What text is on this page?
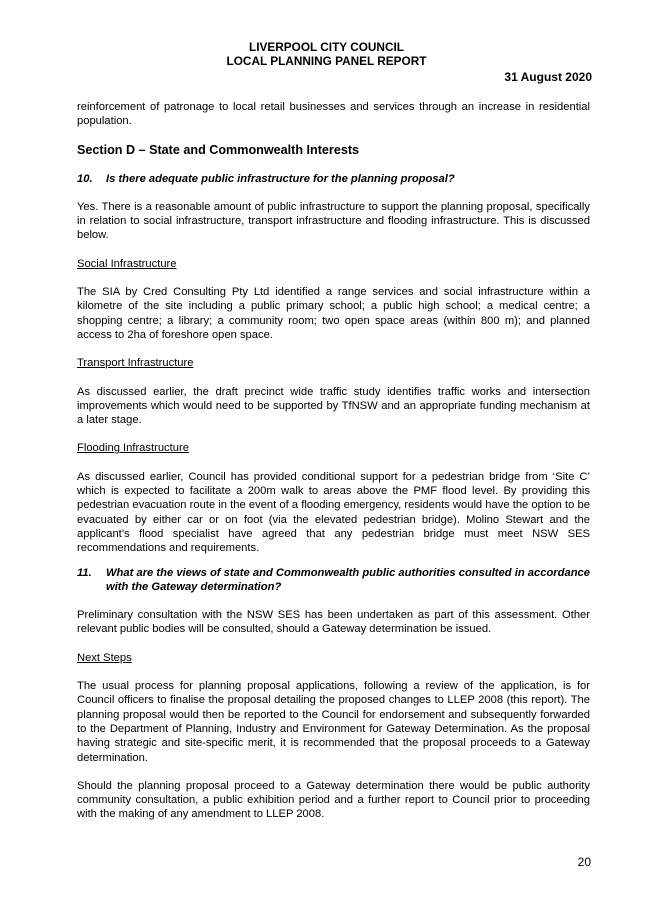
LIVERPOOL CITY COUNCIL
LOCAL PLANNING PANEL REPORT
31 August 2020

reinforcement of patronage to local retail businesses and services through an increase in residential population.

Section D – State and Commonwealth Interests

10.	Is there adequate public infrastructure for the planning proposal?

Yes. There is a reasonable amount of public infrastructure to support the planning proposal, specifically in relation to social infrastructure, transport infrastructure and flooding infrastructure. This is discussed below.

Social Infrastructure

The SIA by Cred Consulting Pty Ltd identified a range services and social infrastructure within a kilometre of the site including a public primary school; a public high school; a medical centre; a shopping centre; a library; a community room; two open space areas (within 800 m); and planned access to 2ha of foreshore open space.

Transport Infrastructure

As discussed earlier, the draft precinct wide traffic study identifies traffic works and intersection improvements which would need to be supported by TfNSW and an appropriate funding mechanism at a later stage.

Flooding Infrastructure

As discussed earlier, Council has provided conditional support for a pedestrian bridge from ‘Site C’ which is expected to facilitate a 200m walk to areas above the PMF flood level. By providing this pedestrian evacuation route in the event of a flooding emergency, residents would have the option to be evacuated by either car or on foot (via the elevated pedestrian bridge). Molino Stewart and the applicant’s flood specialist have agreed that any pedestrian bridge must meet NSW SES recommendations and requirements.

11.	What are the views of state and Commonwealth public authorities consulted in accordance with the Gateway determination?

Preliminary consultation with the NSW SES has been undertaken as part of this assessment. Other relevant public bodies will be consulted, should a Gateway determination be issued.

Next Steps

The usual process for planning proposal applications, following a review of the application, is for Council officers to finalise the proposal detailing the proposed changes to LLEP 2008 (this report). The planning proposal would then be reported to the Council for endorsement and subsequently forwarded to the Department of Planning, Industry and Environment for Gateway Determination. As the proposal having strategic and site-specific merit, it is recommended that the proposal proceeds to a Gateway determination.

Should the planning proposal proceed to a Gateway determination there would be public authority community consultation, a public exhibition period and a further report to Council prior to proceeding with the making of any amendment to LLEP 2008.

20
